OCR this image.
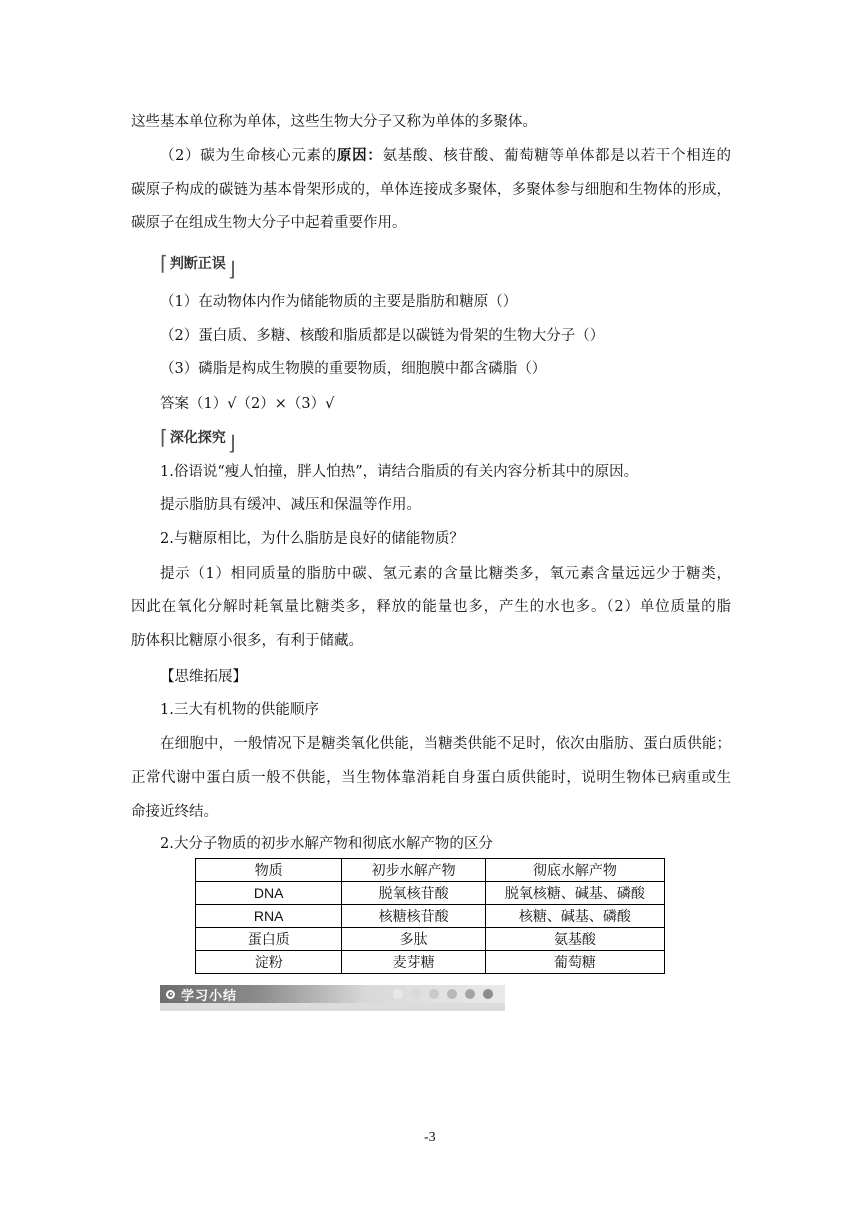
这些基本单位称为单体，这些生物大分子又称为单体的多聚体。
（2）碳为生命核心元素的原因：氨基酸、核苷酸、葡萄糖等单体都是以若干个相连的
碳原子构成的碳链为基本骨架形成的，单体连接成多聚体，多聚体参与细胞和生物体的形成，
碳原子在组成生物大分子中起着重要作用。
⌈ 判断正误 ⌋
（1）在动物体内作为储能物质的主要是脂肪和糖原（）
（2）蛋白质、多糖、核酸和脂质都是以碳链为骨架的生物大分子（）
（3）磷脂是构成生物膜的重要物质，细胞膜中都含磷脂（）
答案（1）√（2）×（3）√
⌈ 深化探究 ⌋
1.俗语说“瘦人怕撞，胖人怕热”，请结合脂质的有关内容分析其中的原因。
提示脂肪具有缓冲、减压和保温等作用。
2.与糖原相比，为什么脂肪是良好的储能物质？
提示（1）相同质量的脂肪中碳、氢元素的含量比糖类多，氧元素含量远远少于糖类，
因此在氧化分解时耗氧量比糖类多，释放的能量也多，产生的水也多。（2）单位质量的脂
肪体积比糖原小很多，有利于储藏。
【思维拓展】
1.三大有机物的供能顺序
在细胞中，一般情况下是糖类氧化供能，当糖类供能不足时，依次由脂肪、蛋白质供能；
正常代谢中蛋白质一般不供能，当生物体靠消耗自身蛋白质供能时，说明生物体已病重或生
命接近终结。
2.大分子物质的初步水解产物和彻底水解产物的区分
物质	初步水解产物	彻底水解产物
DNA	脱氧核苷酸	脱氧核糖、碱基、磷酸
RNA	核糖核苷酸	核糖、碱基、磷酸
蛋白质	多肽	氨基酸
淀粉	麦芽糖	葡萄糖
学习小结
-3
